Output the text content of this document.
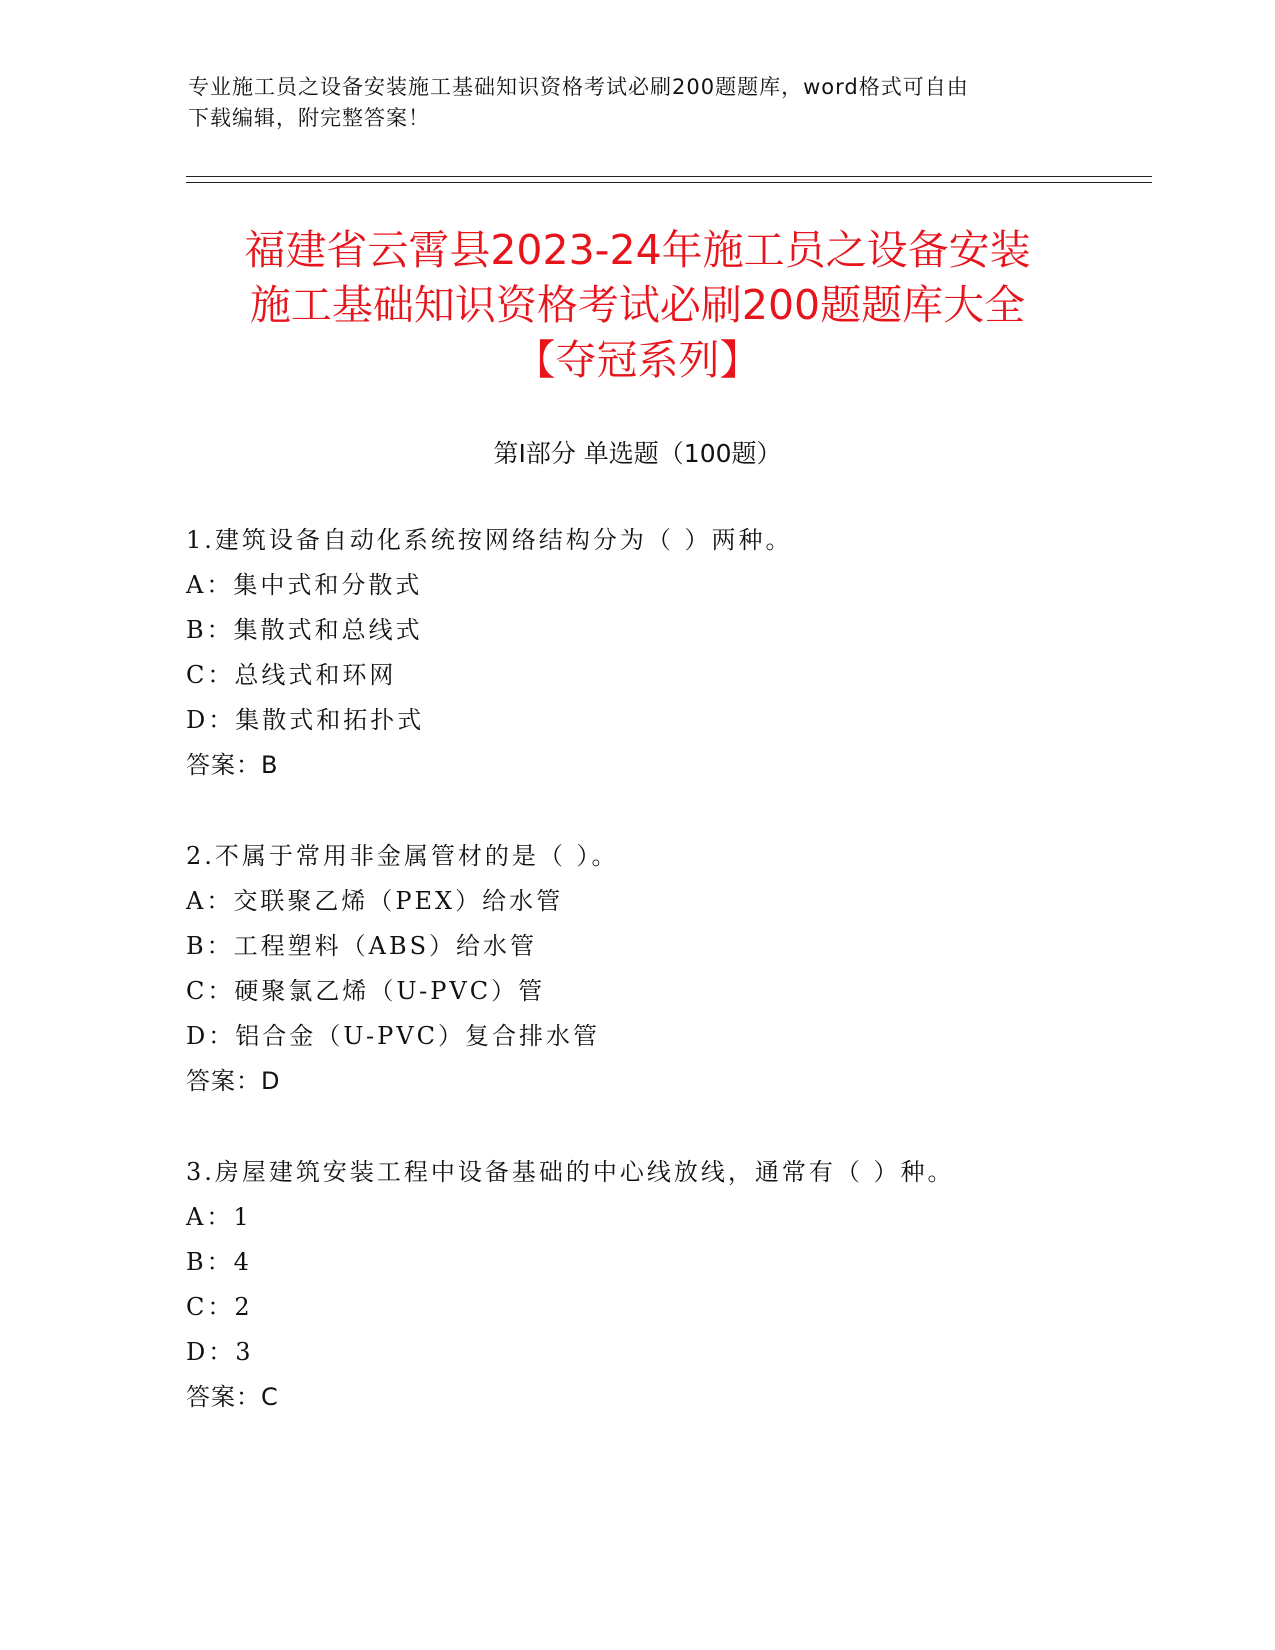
专业施工员之设备安装施工基础知识资格考试必刷200题题库，word格式可自由
下载编辑，附完整答案！
福建省云霄县2023-24年施工员之设备安装
施工基础知识资格考试必刷200题题库大全
【夺冠系列】
第Ⅰ部分 单选题（100题）
1.建筑设备自动化系统按网络结构分为（ ）两种。
A：集中式和分散式
B：集散式和总线式
C：总线式和环网
D：集散式和拓扑式
答案：B
2.不属于常用非金属管材的是（ ）。
A：交联聚乙烯（PEX）给水管
B：工程塑料（ABS）给水管
C：硬聚氯乙烯（U-PVC）管
D：铝合金（U-PVC）复合排水管
答案：D
3.房屋建筑安装工程中设备基础的中心线放线，通常有（ ）种。
A：1
B：4
C：2
D：3
答案：C
